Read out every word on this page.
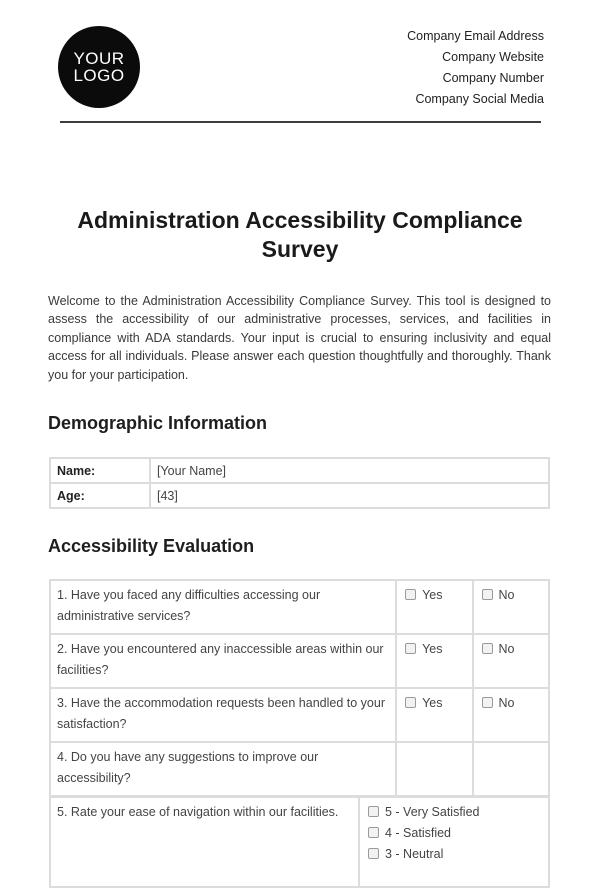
YOUR
LOGO
Company Email Address
Company Website
Company Number
Company Social Media
Administration Accessibility Compliance Survey
Welcome to the Administration Accessibility Compliance Survey. This tool is designed to assess the accessibility of our administrative processes, services, and facilities in compliance with ADA standards. Your input is crucial to ensuring inclusivity and equal access for all individuals. Please answer each question thoughtfully and thoroughly. Thank you for your participation.
Demographic Information
Name:	[Your Name]
Age:	[43]
Accessibility Evaluation
1. Have you faced any difficulties accessing our administrative services?	Yes	No
2. Have you encountered any inaccessible areas within our facilities?	Yes	No
3. Have the accommodation requests been handled to your satisfaction?	Yes	No
4. Do you have any suggestions to improve our accessibility?		
5. Rate your ease of navigation within our facilities.	5 - Very Satisfied
4 - Satisfied
3 - Neutral
